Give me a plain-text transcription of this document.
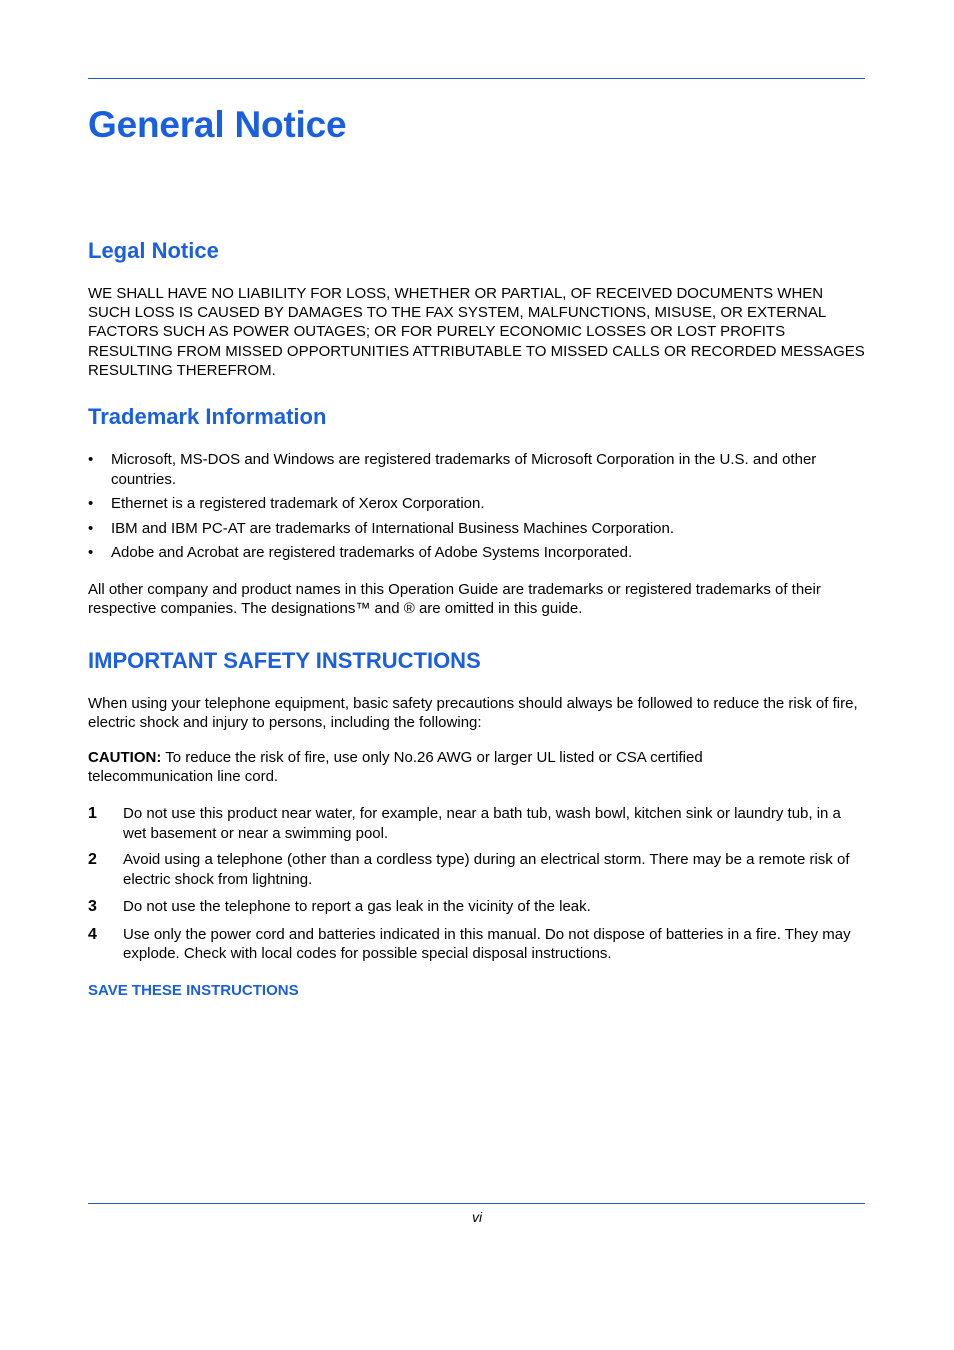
General Notice
Legal Notice

WE SHALL HAVE NO LIABILITY FOR LOSS, WHETHER OR PARTIAL, OF RECEIVED DOCUMENTS WHEN SUCH LOSS IS CAUSED BY DAMAGES TO THE FAX SYSTEM, MALFUNCTIONS, MISUSE, OR EXTERNAL FACTORS SUCH AS POWER OUTAGES; OR FOR PURELY ECONOMIC LOSSES OR LOST PROFITS RESULTING FROM MISSED OPPORTUNITIES ATTRIBUTABLE TO MISSED CALLS OR RECORDED MESSAGES RESULTING THEREFROM.

Trademark Information
• Microsoft, MS-DOS and Windows are registered trademarks of Microsoft Corporation in the U.S. and other countries.
• Ethernet is a registered trademark of Xerox Corporation.
• IBM and IBM PC-AT are trademarks of International Business Machines Corporation.
• Adobe and Acrobat are registered trademarks of Adobe Systems Incorporated.

All other company and product names in this Operation Guide are trademarks or registered trademarks of their respective companies. The designations™ and ® are omitted in this guide.

IMPORTANT SAFETY INSTRUCTIONS

When using your telephone equipment, basic safety precautions should always be followed to reduce the risk of fire, electric shock and injury to persons, including the following:

CAUTION: To reduce the risk of fire, use only No.26 AWG or larger UL listed or CSA certified telecommunication line cord.

1 Do not use this product near water, for example, near a bath tub, wash bowl, kitchen sink or laundry tub, in a wet basement or near a swimming pool.
2 Avoid using a telephone (other than a cordless type) during an electrical storm. There may be a remote risk of electric shock from lightning.
3 Do not use the telephone to report a gas leak in the vicinity of the leak.
4 Use only the power cord and batteries indicated in this manual. Do not dispose of batteries in a fire. They may explode. Check with local codes for possible special disposal instructions.

SAVE THESE INSTRUCTIONS

vi
